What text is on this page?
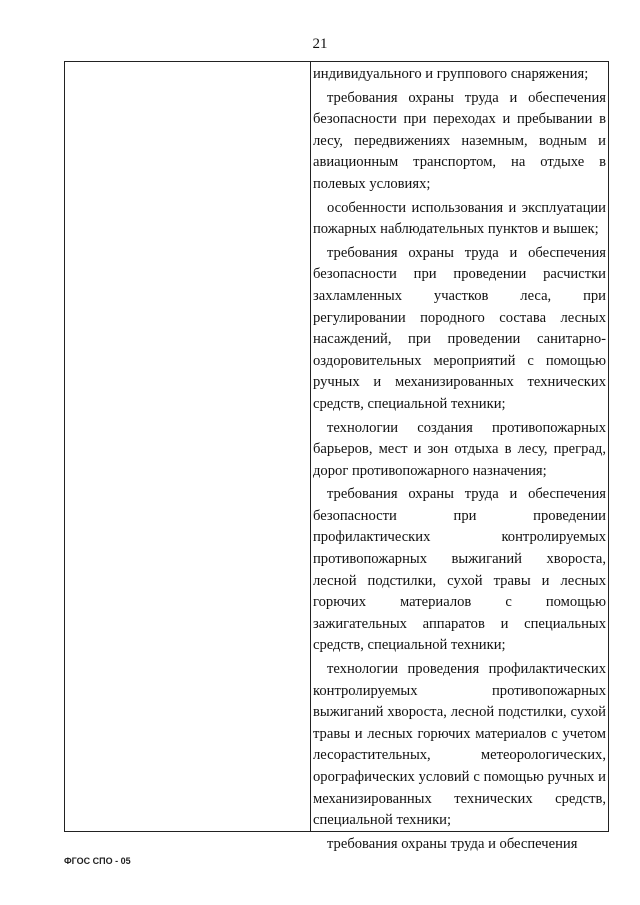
21

индивидуального и группового снаряжения;

требования охраны труда и обеспечения безопасности при переходах и пребывании в лесу, передвижениях наземным, водным и авиационным транспортом, на отдыхе в полевых условиях;

особенности использования и эксплуатации пожарных наблюдательных пунктов и вышек;

требования охраны труда и обеспечения безопасности при проведении расчистки захламленных участков леса, при регулировании породного состава лесных насаждений, при проведении санитарно-оздоровительных мероприятий с помощью ручных и механизированных технических средств, специальной техники;

технологии создания противопожарных барьеров, мест и зон отдыха в лесу, преград, дорог противопожарного назначения;

требования охраны труда и обеспечения безопасности при проведении профилактических контролируемых противопожарных выжиганий хвороста, лесной подстилки, сухой травы и лесных горючих материалов с помощью зажигательных аппаратов и специальных средств, специальной техники;

технологии проведения профилактических контролируемых противопожарных выжиганий хвороста, лесной подстилки, сухой травы и лесных горючих материалов с учетом лесорастительных, метеорологических, орографических условий с помощью ручных и механизированных технических средств, специальной техники;

требования охраны труда и обеспечения

ФГОС СПО - 05
